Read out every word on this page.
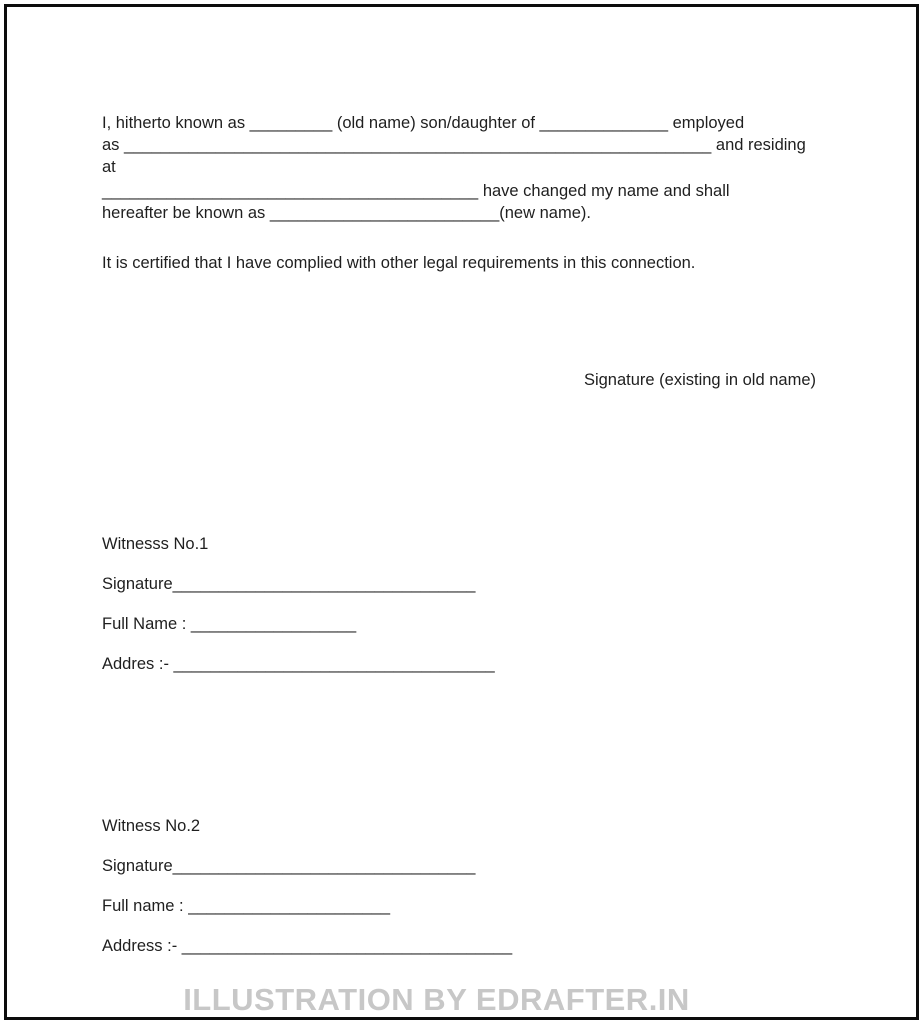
I, hitherto known as _________ (old name) son/daughter of ______________ employed
as ________________________________________________________________ and residing
at
_________________________________________ have changed my name and shall
hereafter be known as _________________________(new name).
It is certified that I have complied with other legal requirements in this connection.
Signature (existing in old name)
Witnesss No.1
Signature_________________________________
Full Name : __________________
Addres :- ___________________________________
Witness No.2
Signature_________________________________
Full name : ______________________
Address :- ____________________________________
ILLUSTRATION BY EDRAFTER.IN
